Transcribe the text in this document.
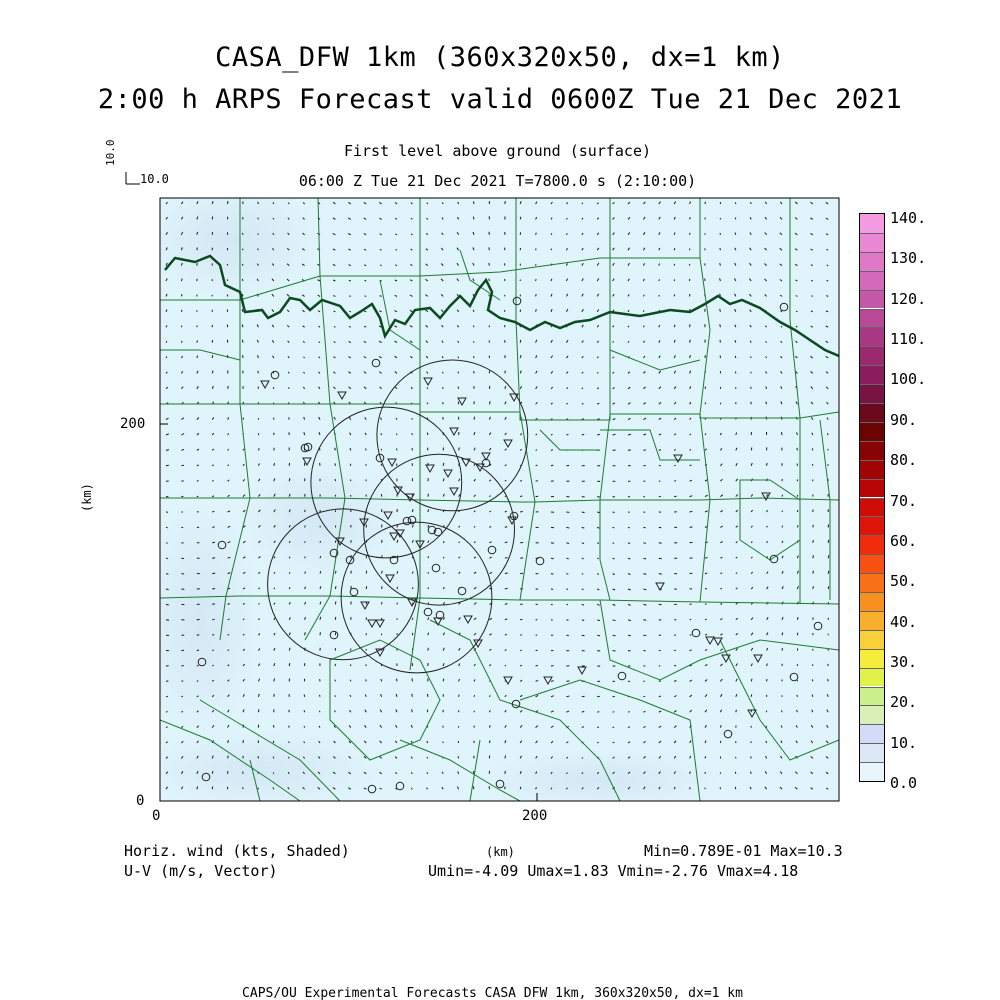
CASA_DFW 1km (360x320x50, dx=1 km)
2:00 h ARPS Forecast valid 0600Z Tue 21 Dec 2021
First level above ground (surface)
06:00 Z Tue 21 Dec 2021 T=7800.0 s (2:10:00)
10.0
10.0
(km)
200
0
0	200
(km)
Horiz. wind (kts, Shaded)
U-V (m/s, Vector)
Min=0.789E-01 Max=10.3
Umin=-4.09 Umax=1.83 Vmin=-2.76 Vmax=4.18
CAPS/OU Experimental Forecasts CASA DFW 1km, 360x320x50, dx=1 km
0.0
10.
20.
30.
40.
50.
60.
70.
80.
90.
100.
110.
120.
130.
140.
